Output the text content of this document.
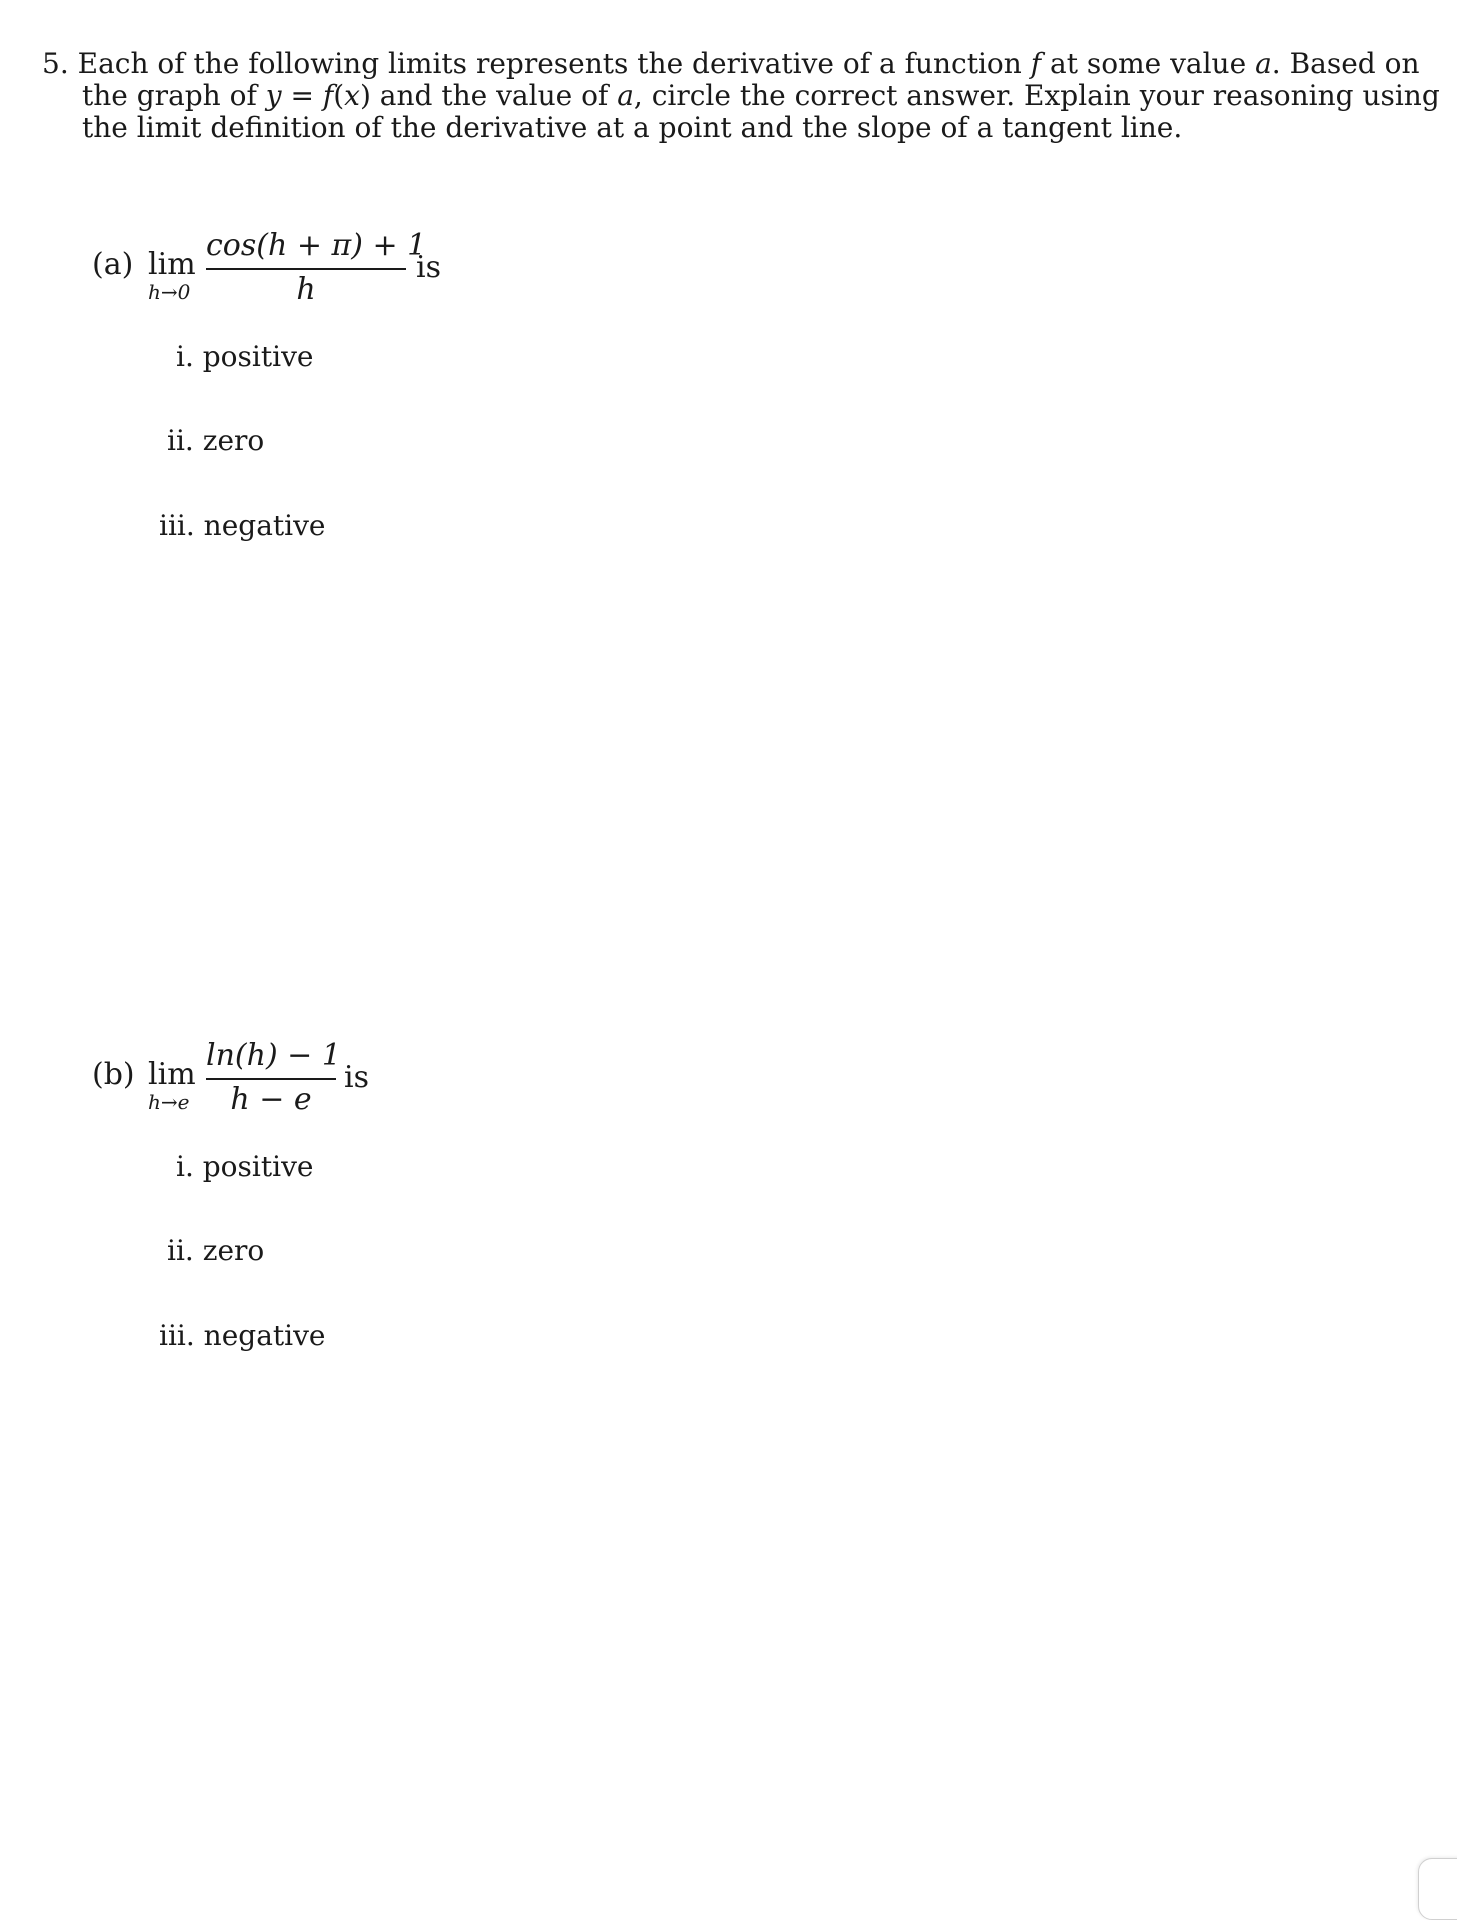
5. Each of the following limits represents the derivative of a function f at some value a. Based on
the graph of y = f(x) and the value of a, circle the correct answer. Explain your reasoning using
the limit definition of the derivative at a point and the slope of a tangent line.
(a) lim
h→0
cos(h + π) + 1
h
is
i. positive
ii. zero
iii. negative
(b) lim
h→e
ln(h) − 1
h − e
is
i. positive
ii. zero
iii. negative
